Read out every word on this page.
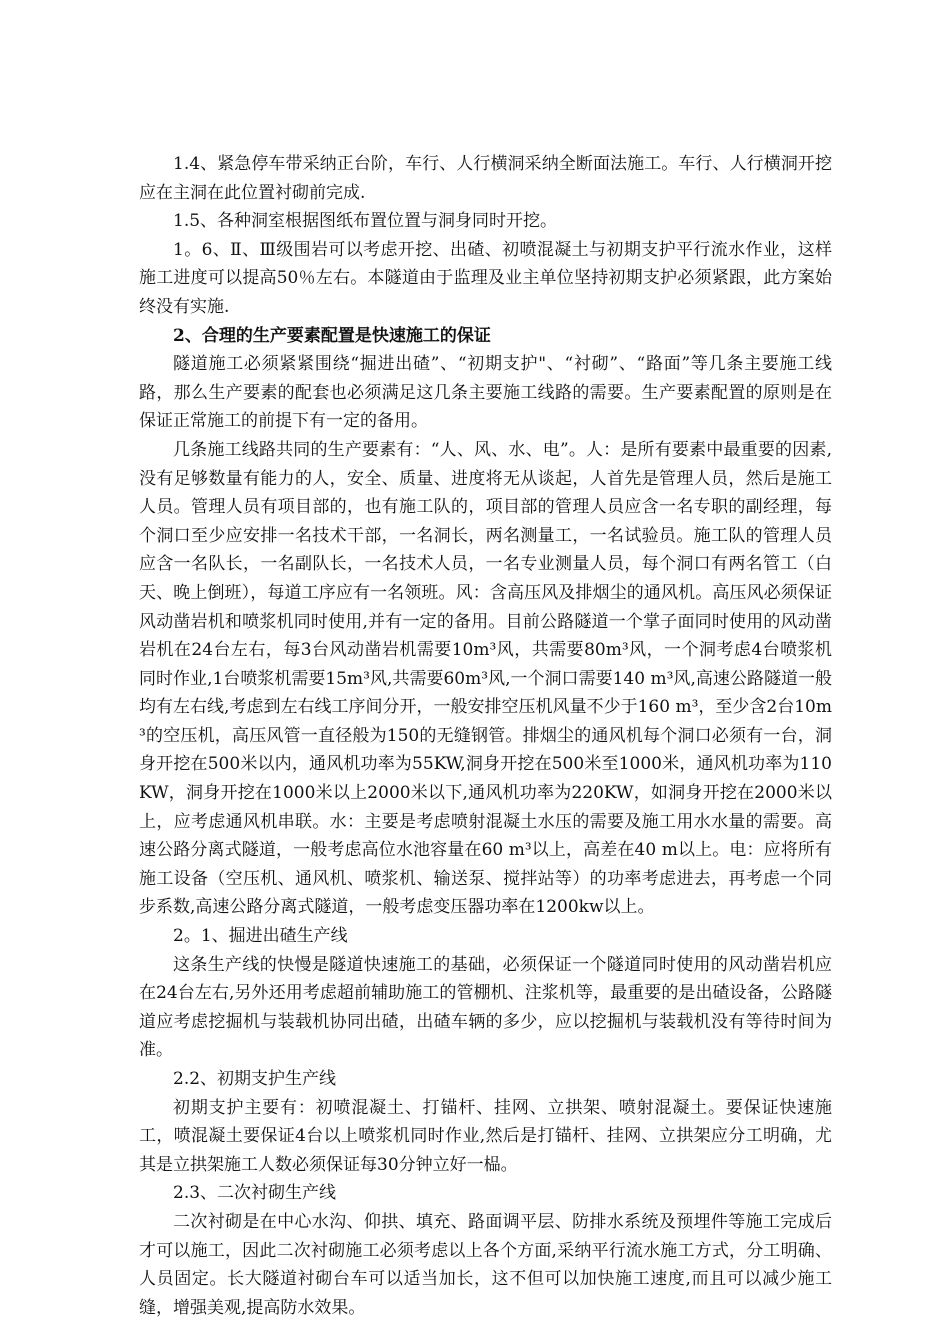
1.4、紧急停车带采纳正台阶，车行、人行横洞采纳全断面法施工。车行、人行横洞开挖应在主洞在此位置衬砌前完成.

1.5、各种洞室根据图纸布置位置与洞身同时开挖。

1。6、Ⅱ、Ⅲ级围岩可以考虑开挖、出碴、初喷混凝土与初期支护平行流水作业，这样施工进度可以提高50％左右。本隧道由于监理及业主单位坚持初期支护必须紧跟，此方案始终没有实施.

2、合理的生产要素配置是快速施工的保证

隧道施工必须紧紧围绕“掘进出碴”、“初期支护"、“衬砌”、“路面”等几条主要施工线路，那么生产要素的配套也必须满足这几条主要施工线路的需要。生产要素配置的原则是在保证正常施工的前提下有一定的备用。

几条施工线路共同的生产要素有：“人、风、水、电”。人：是所有要素中最重要的因素,没有足够数量有能力的人，安全、质量、进度将无从谈起，人首先是管理人员，然后是施工人员。管理人员有项目部的，也有施工队的，项目部的管理人员应含一名专职的副经理，每个洞口至少应安排一名技术干部，一名洞长，两名测量工，一名试验员。施工队的管理人员应含一名队长，一名副队长，一名技术人员，一名专业测量人员，每个洞口有两名管工（白天、晚上倒班），每道工序应有一名领班。风：含高压风及排烟尘的通风机。高压风必须保证风动凿岩机和喷浆机同时使用,并有一定的备用。目前公路隧道一个掌子面同时使用的风动凿岩机在24台左右，每3台风动凿岩机需要10m³风，共需要80m³风，一个洞考虑4台喷浆机同时作业,1台喷浆机需要15m³风,共需要60m³风,一个洞口需要140 m³风,高速公路隧道一般均有左右线,考虑到左右线工序间分开，一般安排空压机风量不少于160 m³，至少含2台10m³的空压机，高压风管一直径般为150的无缝钢管。排烟尘的通风机每个洞口必须有一台，洞身开挖在500米以内，通风机功率为55KW,洞身开挖在500米至1000米，通风机功率为110KW，洞身开挖在1000米以上2000米以下,通风机功率为220KW，如洞身开挖在2000米以上，应考虑通风机串联。水：主要是考虑喷射混凝土水压的需要及施工用水水量的需要。高速公路分离式隧道，一般考虑高位水池容量在60 m³以上，高差在40 m以上。电：应将所有施工设备（空压机、通风机、喷浆机、输送泵、搅拌站等）的功率考虑进去，再考虑一个同步系数,高速公路分离式隧道，一般考虑变压器功率在1200kw以上。

2。1、掘进出碴生产线

这条生产线的快慢是隧道快速施工的基础，必须保证一个隧道同时使用的风动凿岩机应在24台左右,另外还用考虑超前辅助施工的管棚机、注浆机等，最重要的是出碴设备，公路隧道应考虑挖掘机与装载机协同出碴，出碴车辆的多少，应以挖掘机与装载机没有等待时间为准。

2.2、初期支护生产线

初期支护主要有：初喷混凝土、打锚杆、挂网、立拱架、喷射混凝土。要保证快速施工，喷混凝土要保证4台以上喷浆机同时作业,然后是打锚杆、挂网、立拱架应分工明确，尤其是立拱架施工人数必须保证每30分钟立好一榀。

2.3、二次衬砌生产线

二次衬砌是在中心水沟、仰拱、填充、路面调平层、防排水系统及预埋件等施工完成后才可以施工，因此二次衬砌施工必须考虑以上各个方面,采纳平行流水施工方式，分工明确、人员固定。长大隧道衬砌台车可以适当加长，这不但可以加快施工速度,而且可以减少施工缝，增强美观,提高防水效果。
